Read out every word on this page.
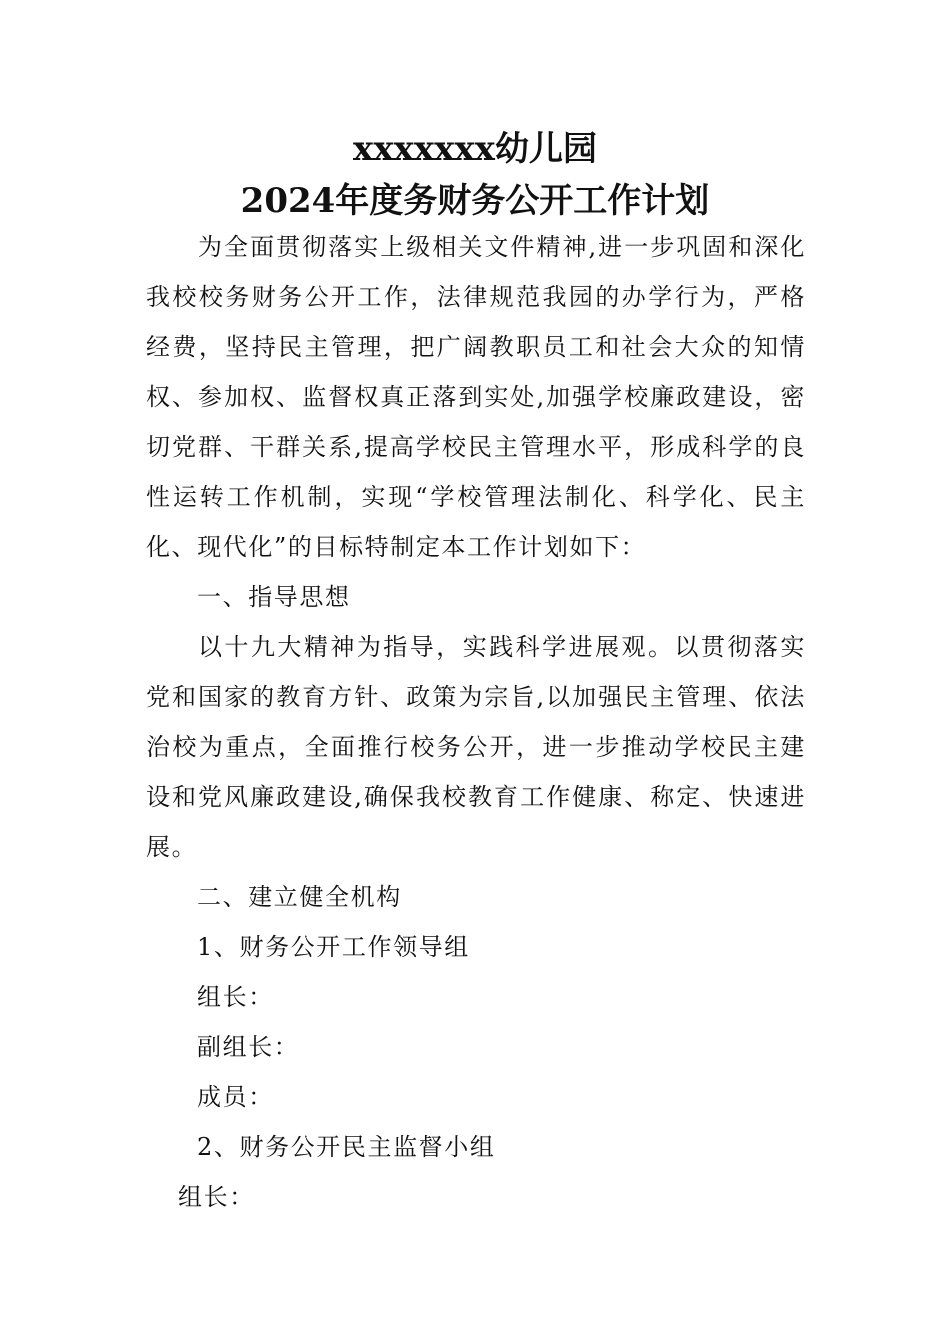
xxxxxxx幼儿园
2024年度务财务公开工作计划

为全面贯彻落实上级相关文件精神,进一步巩固和深化我校校务财务公开工作，法律规范我园的办学行为，严格经费，坚持民主管理，把广阔教职员工和社会大众的知情权、参加权、监督权真正落到实处,加强学校廉政建设，密切党群、干群关系,提高学校民主管理水平，形成科学的良性运转工作机制，实现“学校管理法制化、科学化、民主化、现代化”的目标特制定本工作计划如下：

一、指导思想

以十九大精神为指导，实践科学进展观。以贯彻落实党和国家的教育方针、政策为宗旨,以加强民主管理、依法治校为重点，全面推行校务公开，进一步推动学校民主建设和党风廉政建设,确保我校教育工作健康、称定、快速进展。

二、建立健全机构

1、财务公开工作领导组

组长：

副组长：

成员：

2、财务公开民主监督小组

组长：
